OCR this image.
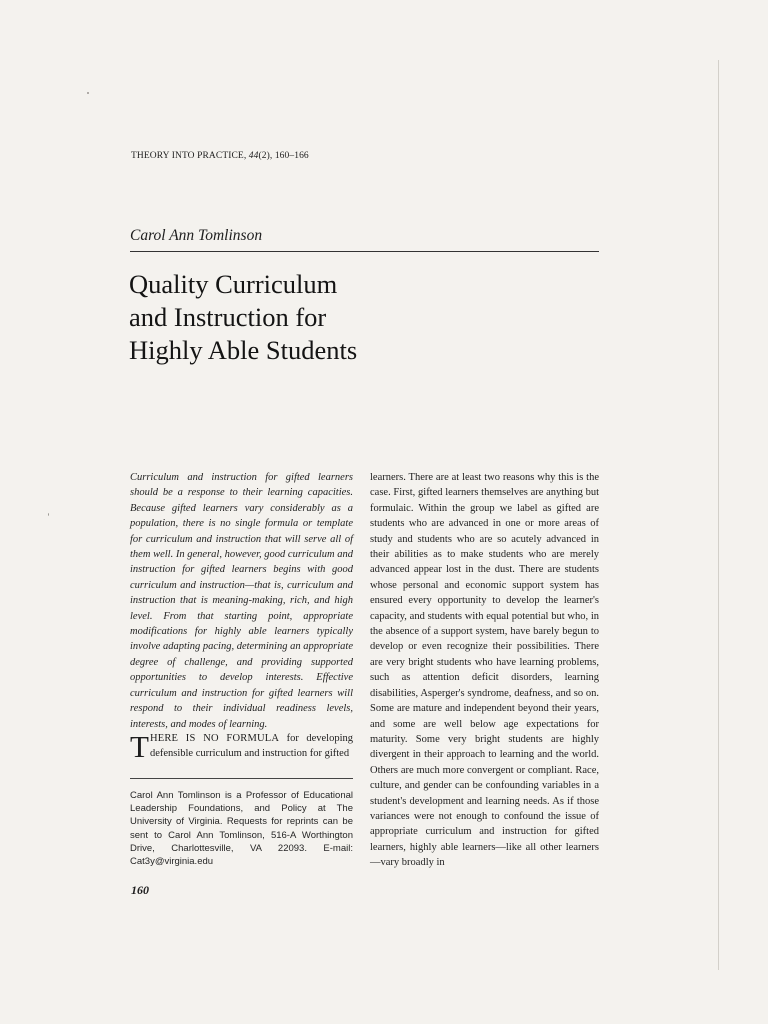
THEORY INTO PRACTICE, 44(2), 160–166
Carol Ann Tomlinson
Quality Curriculum
and Instruction for
Highly Able Students

Curriculum and instruction for gifted learners should be a response to their learning capacities. Because gifted learners vary considerably as a population, there is no single formula or template for curriculum and instruction that will serve all of them well. In general, however, good curriculum and instruction for gifted learners begins with good curriculum and instruction—that is, curriculum and instruction that is meaning-making, rich, and high level. From that starting point, appropriate modifications for highly able learners typically involve adapting pacing, determining an appropriate degree of challenge, and providing supported opportunities to develop interests. Effective curriculum and instruction for gifted learners will respond to their individual readiness levels, interests, and modes of learning.

THERE IS NO FORMULA for developing defensible curriculum and instruction for gifted

Carol Ann Tomlinson is a Professor of Educational Leadership Foundations, and Policy at The University of Virginia. Requests for reprints can be sent to Carol Ann Tomlinson, 516-A Worthington Drive, Charlottesville, VA 22093. E-mail: Cat3y@virginia.edu

learners. There are at least two reasons why this is the case. First, gifted learners themselves are anything but formulaic. Within the group we label as gifted are students who are advanced in one or more areas of study and students who are so acutely advanced in their abilities as to make students who are merely advanced appear lost in the dust. There are students whose personal and economic support system has ensured every opportunity to develop the learner's capacity, and students with equal potential but who, in the absence of a support system, have barely begun to develop or even recognize their possibilities. There are very bright students who have learning problems, such as attention deficit disorders, learning disabilities, Asperger's syndrome, deafness, and so on. Some are mature and independent beyond their years, and some are well below age expectations for maturity. Some very bright students are highly divergent in their approach to learning and the world. Others are much more convergent or compliant. Race, culture, and gender can be confounding variables in a student's development and learning needs. As if those variances were not enough to confound the issue of appropriate curriculum and instruction for gifted learners, highly able learners—like all other learners—vary broadly in

160
